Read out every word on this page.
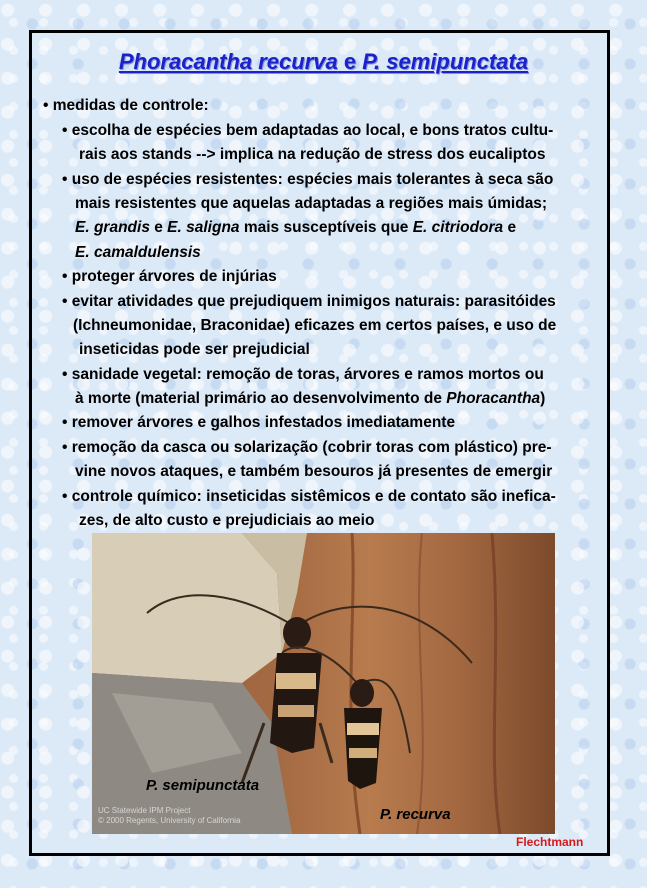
Phoracantha recurva e P. semipunctata
• medidas de controle:
• escolha de espécies bem adaptadas ao local, e bons tratos cultu-
rais aos stands --> implica na redução de stress dos eucaliptos
• uso de espécies resistentes: espécies mais tolerantes à seca são
mais resistentes que aquelas adaptadas a regiões mais úmidas;
E. grandis e E. saligna mais susceptíveis que E. citriodora e
E. camaldulensis
• proteger árvores de injúrias
• evitar atividades que prejudiquem inimigos naturais: parasitóides
(Ichneumonidae, Braconidae) eficazes em certos países, e uso de
inseticidas pode ser prejudicial
• sanidade vegetal: remoção de toras, árvores e ramos mortos ou
à morte (material primário ao desenvolvimento de Phoracantha)
• remover árvores e galhos infestados imediatamente
• remoção da casca ou solarização (cobrir toras com plástico) pre-
vine novos ataques, e também besouros já presentes de emergir
• controle químico: inseticidas sistêmicos e de contato são inefica-
zes, de alto custo e prejudiciais ao meio
P. semipunctata
P. recurva
UC Statewide IPM Project
© 2000 Regents, University of California
Flechtmann
